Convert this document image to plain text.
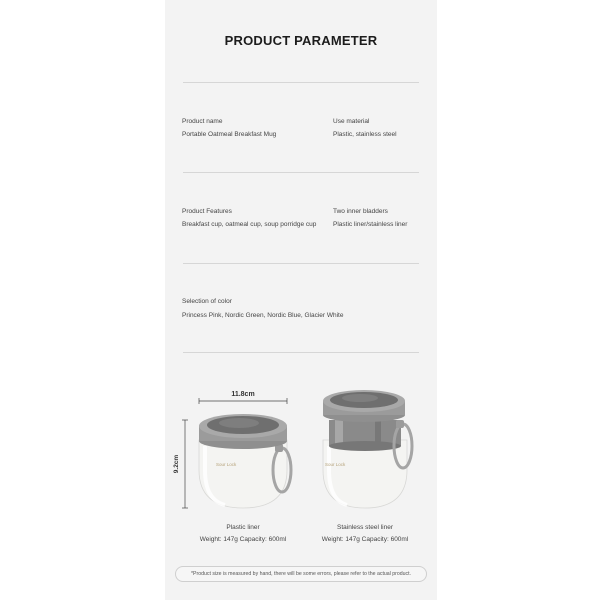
PRODUCT PARAMETER
Product name
Portable Oatmeal Breakfast Mug
Use material
Plastic, stainless steel
Product Features
Breakfast cup, oatmeal cup, soup porridge cup
Two inner bladders
Plastic liner/stainless liner
Selection of color
Princess Pink, Nordic Green, Nordic Blue, Glacier White
11.8cm
9.2cm	Sour Lock	Sour Lock
Plastic liner
Weight: 147g Capacity: 600ml
Stainless steel liner
Weight: 147g Capacity: 600ml
*Product size is measured by hand, there will be some errors, please refer to the actual product.
